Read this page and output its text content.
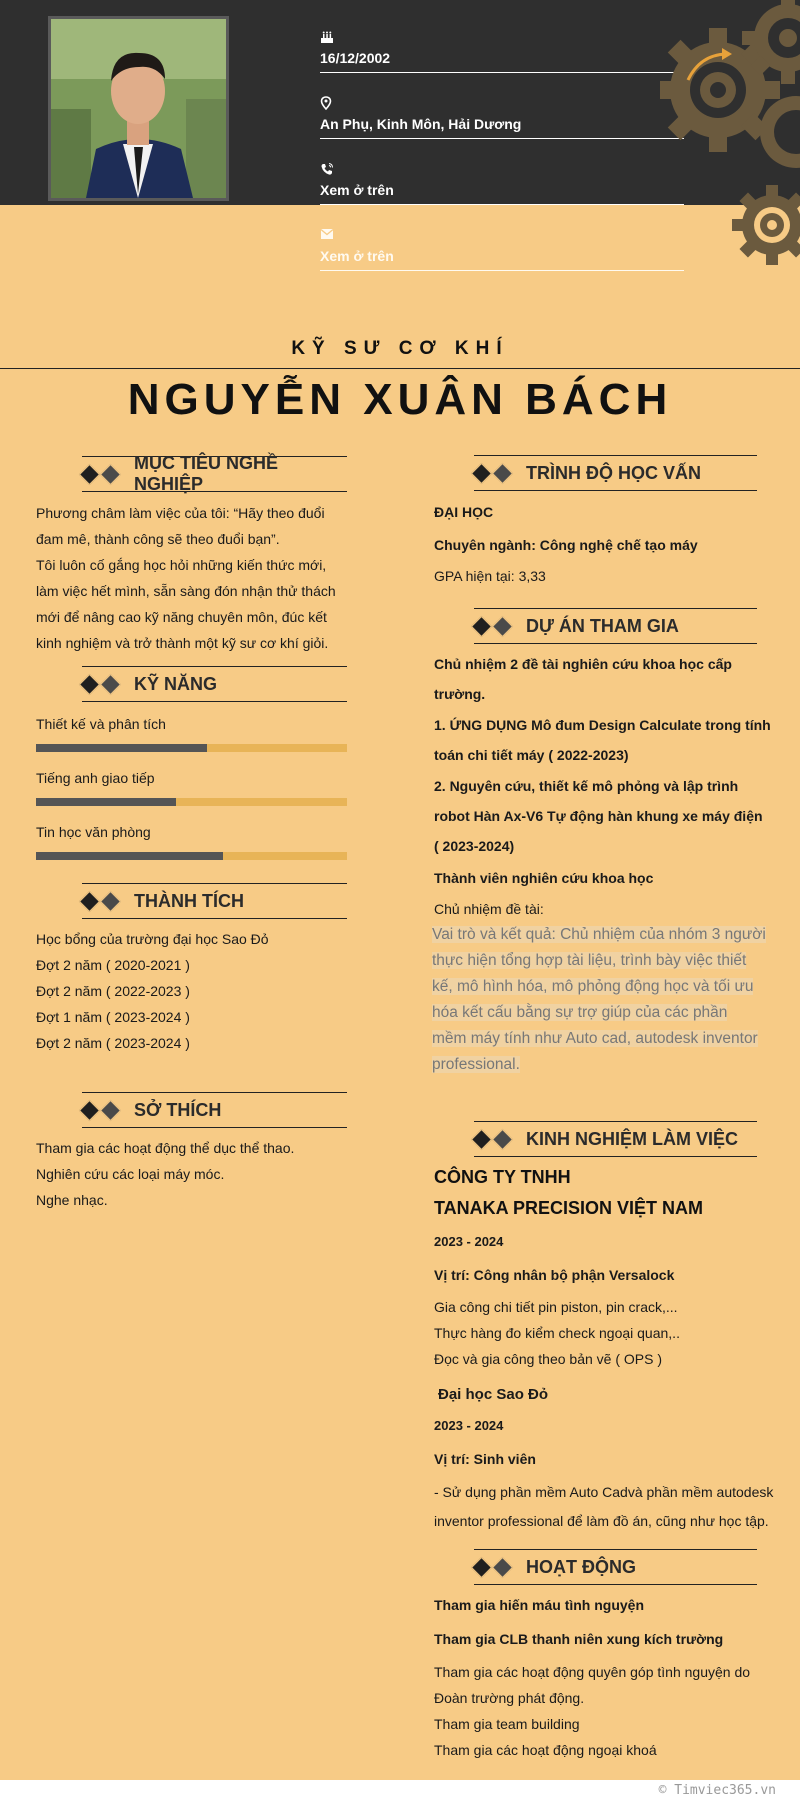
16/12/2002
An Phụ, Kinh Môn, Hải Dương
Xem ở trên
Xem ở trên
KỸ SƯ CƠ KHÍ
NGUYỄN XUÂN BÁCH
MỤC TIÊU NGHỀ NGHIỆP
Phương châm làm việc của tôi: “Hãy theo đuổi
đam mê, thành công sẽ theo đuổi bạn”.
Tôi luôn cố gắng học hỏi những kiến thức mới,
làm việc hết mình, sẵn sàng đón nhận thử thách
mới để nâng cao kỹ năng chuyên môn, đúc kết
kinh nghiệm và trở thành một kỹ sư cơ khí giỏi.
KỸ NĂNG
Thiết kế và phân tích
Tiếng anh giao tiếp
Tin học văn phòng
THÀNH TÍCH
Học bổng của trường đại học Sao Đỏ
Đợt 2 năm ( 2020-2021 )
Đợt 2 năm ( 2022-2023 )
Đợt 1 năm ( 2023-2024 )
Đợt 2 năm ( 2023-2024 )
SỞ THÍCH
Tham gia các hoạt động thể dục thể thao.
Nghiên cứu các loại máy móc.
Nghe nhạc.
TRÌNH ĐỘ HỌC VẤN
ĐẠI HỌC
Chuyên ngành: Công nghệ chế tạo máy
GPA hiện tại: 3,33
DỰ ÁN THAM GIA
Chủ nhiệm 2 đề tài nghiên cứu khoa học cấp
trường.
1. ỨNG DỤNG Mô đum Design Calculate trong tính
toán chi tiết máy ( 2022-2023)
2. Nguyên cứu, thiết kế mô phỏng và lập trình
robot Hàn Ax-V6 Tự động hàn khung xe máy điện
( 2023-2024)
Thành viên nghiên cứu khoa học
Chủ nhiệm đề tài:
Vai trò và kết quả: Chủ nhiệm của nhóm 3 người
thực hiện tổng hợp tài liệu, trình bày việc thiết
kế, mô hình hóa, mô phỏng động học và tối ưu
hóa kết cấu bằng sự trợ giúp của các phần
mềm máy tính như Auto cad, autodesk inventor
professional.
KINH NGHIỆM LÀM VIỆC
CÔNG TY TNHH
TANAKA PRECISION VIỆT NAM
2023 - 2024
Vị trí: Công nhân bộ phận Versalock
Gia công chi tiết pin piston, pin crack,...
Thực hàng đo kiểm check ngoại quan,..
Đọc và gia công theo bản vẽ ( OPS )
Đại học Sao Đỏ
2023 - 2024
Vị trí: Sinh viên
- Sử dụng phần mềm Auto Cadvà phần mềm autodesk
inventor professional để làm đồ án, cũng như học tập.
HOẠT ĐỘNG
Tham gia hiến máu tình nguyện
Tham gia CLB thanh niên xung kích trường
Tham gia các hoạt động quyên góp tình nguyện do
Đoàn trường phát động.
Tham gia team building
Tham gia các hoạt động ngoại khoá
© Timviec365.vn
